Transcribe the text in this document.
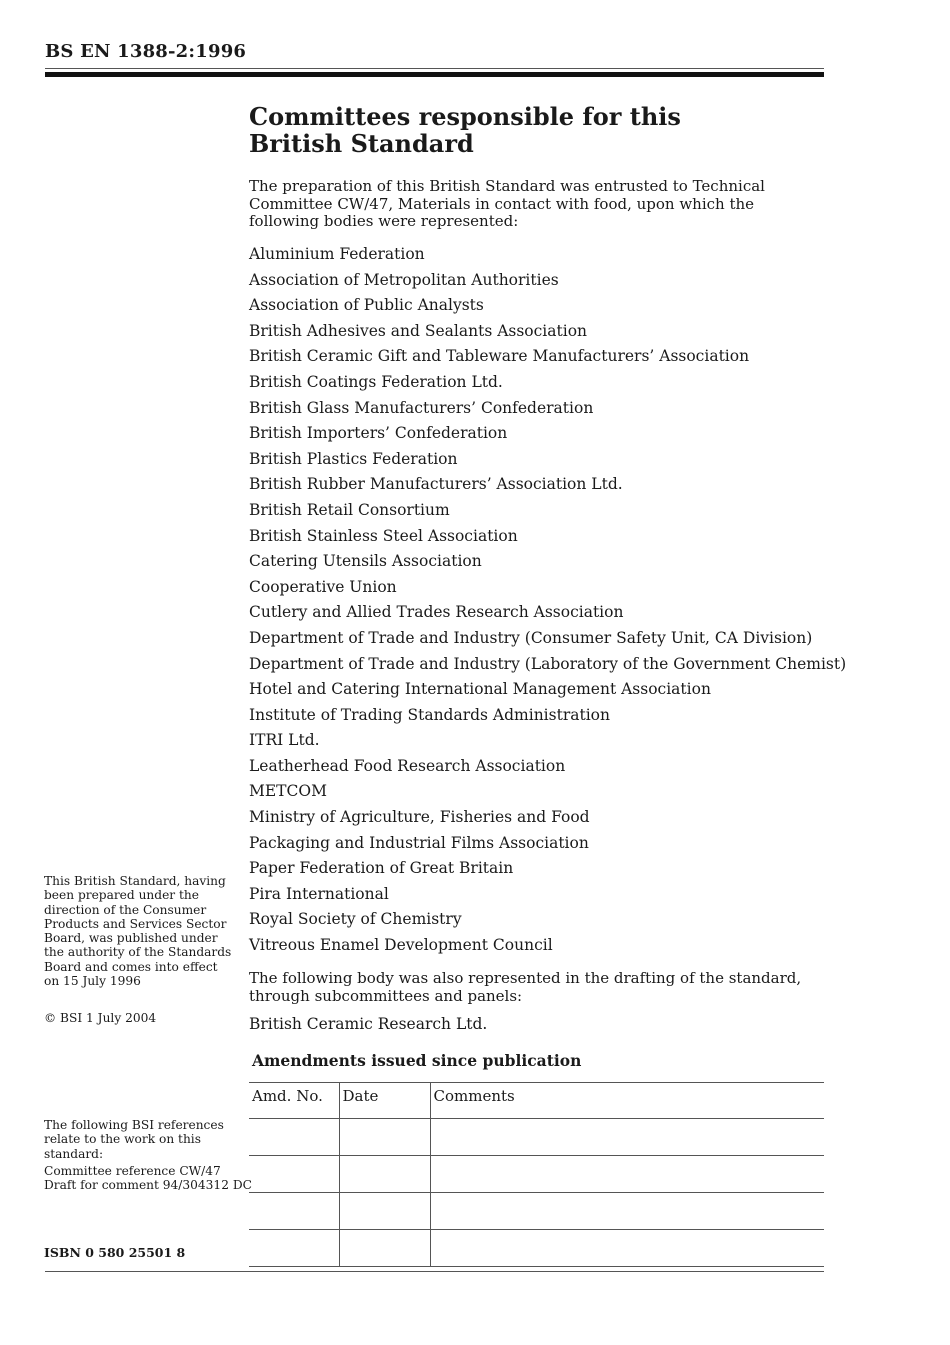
BS EN 1388-2:1996
Committees responsible for this
British Standard
The preparation of this British Standard was entrusted to Technical Committee CW/47, Materials in contact with food, upon which the following bodies were represented:
Aluminium Federation
Association of Metropolitan Authorities
Association of Public Analysts
British Adhesives and Sealants Association
British Ceramic Gift and Tableware Manufacturers’ Association
British Coatings Federation Ltd.
British Glass Manufacturers’ Confederation
British Importers’ Confederation
British Plastics Federation
British Rubber Manufacturers’ Association Ltd.
British Retail Consortium
British Stainless Steel Association
Catering Utensils Association
Cooperative Union
Cutlery and Allied Trades Research Association
Department of Trade and Industry (Consumer Safety Unit, CA Division)
Department of Trade and Industry (Laboratory of the Government Chemist)
Hotel and Catering International Management Association
Institute of Trading Standards Administration
ITRI Ltd.
Leatherhead Food Research Association
METCOM
Ministry of Agriculture, Fisheries and Food
Packaging and Industrial Films Association
Paper Federation of Great Britain
Pira International
Royal Society of Chemistry
Vitreous Enamel Development Council
The following body was also represented in the drafting of the standard, through subcommittees and panels:
British Ceramic Research Ltd.
Amendments issued since publication
Amd. No.	Date	Comments

This British Standard, having been prepared under the direction of the Consumer Products and Services Sector Board, was published under the authority of the Standards Board and comes into effect on 15 July 1996

© BSI 1 July 2004

The following BSI references relate to the work on this standard:

Committee reference CW/47

Draft for comment 94/304312 DC

ISBN 0 580 25501 8
